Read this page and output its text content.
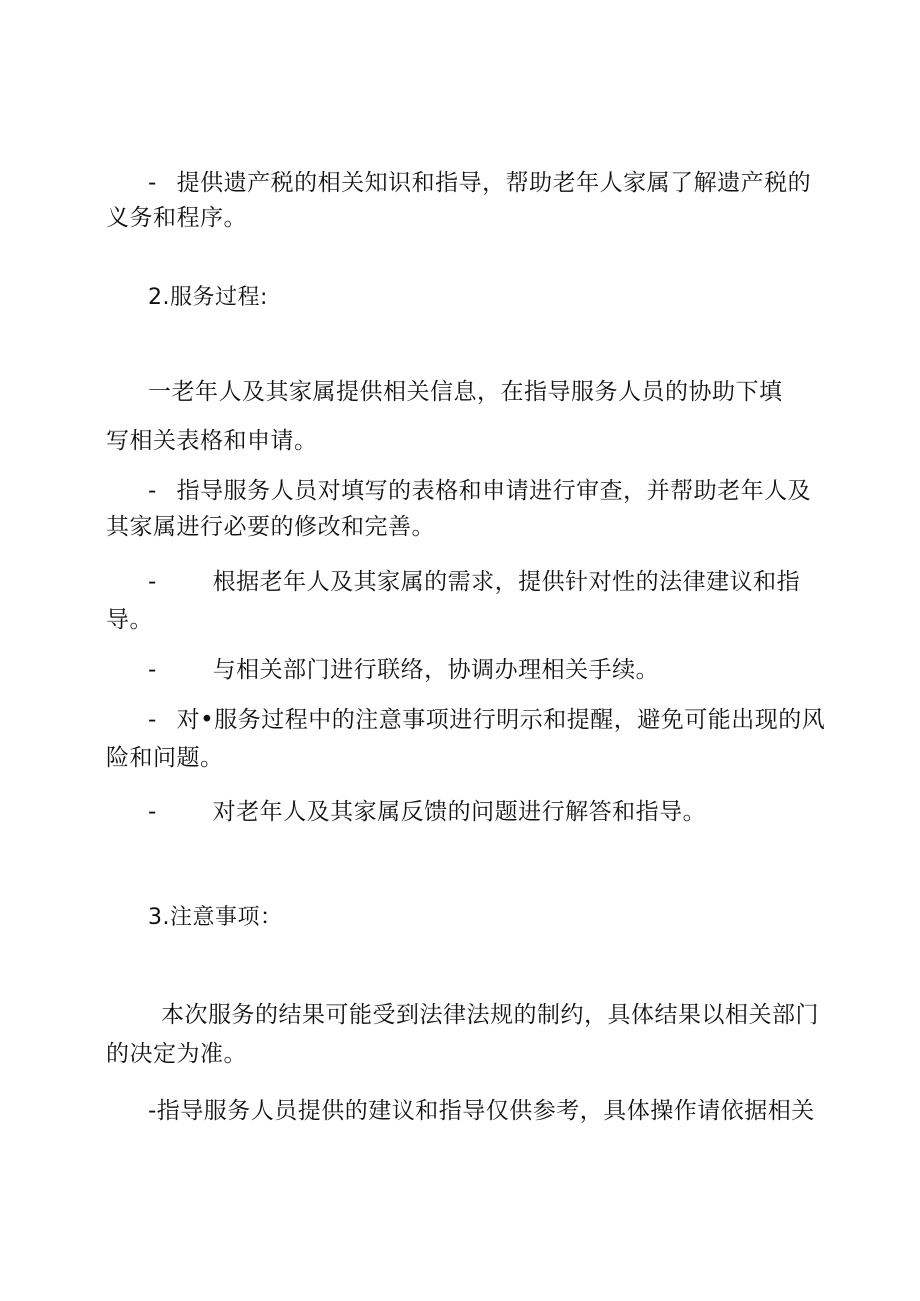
- 提供遗产税的相关知识和指导，帮助老年人家属了解遗产税的
义务和程序。
2.服务过程:
一老年人及其家属提供相关信息，在指导服务人员的协助下填
写相关表格和申请。
- 指导服务人员对填写的表格和申请进行审查，并帮助老年人及
其家属进行必要的修改和完善。
- 根据老年人及其家属的需求，提供针对性的法律建议和指
导。
- 与相关部门进行联络，协调办理相关手续。
- 对•服务过程中的注意事项进行明示和提醒，避免可能出现的风
险和问题。
- 对老年人及其家属反馈的问题进行解答和指导。
3.注意事项：
本次服务的结果可能受到法律法规的制约，具体结果以相关部门
的决定为准。
-指导服务人员提供的建议和指导仅供参考，具体操作请依据相关
